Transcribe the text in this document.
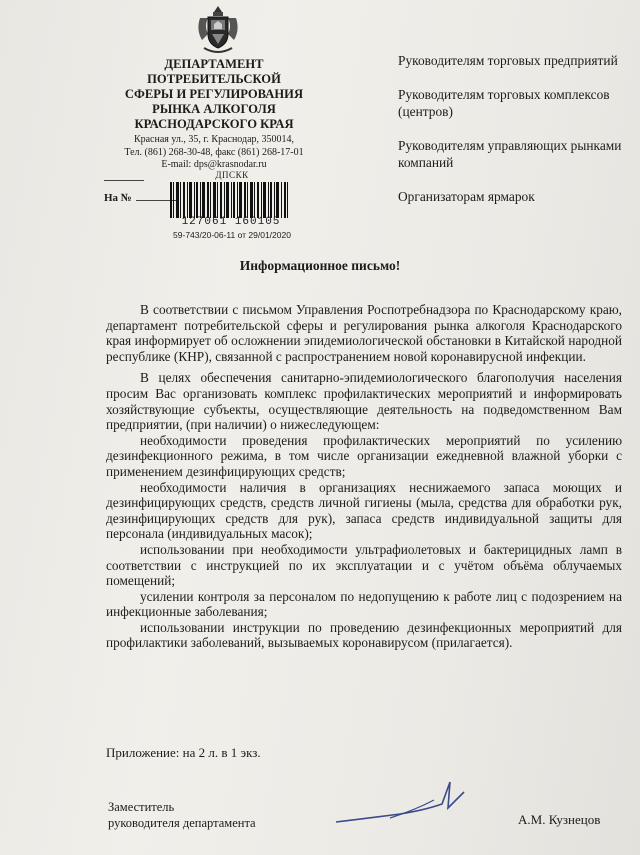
ДЕПАРТАМЕНТ
ПОТРЕБИТЕЛЬСКОЙ
СФЕРЫ И РЕГУЛИРОВАНИЯ
РЫНКА АЛКОГОЛЯ
КРАСНОДАРСКОГО КРАЯ
Красная ул., 35, г. Краснодар, 350014,
Тел. (861) 268-30-48, факс (861) 268-17-01
E-mail: dps@krasnodar.ru
На №
ДПСКК
127061 160105
59-743/20-06-11 от 29/01/2020
Руководителям торговых предприятий
Руководителям торговых комплексов (центров)
Руководителям управляющих рынками компаний
Организаторам ярмарок
Информационное письмо!

В соответствии с письмом Управления Роспотребнадзора по Краснодарскому краю, департамент потребительской сферы и регулирования рынка алкоголя Краснодарского края информирует об осложнении эпидемиологической обстановки в Китайской народной республике (КНР), связанной с распространением новой коронавирусной инфекции.

В целях обеспечения санитарно-эпидемиологического благополучия населения просим Вас организовать комплекс профилактических мероприятий и информировать хозяйствующие субъекты, осуществляющие деятельность на подведомственном Вам предприятии, (при наличии) о нижеследующем:

необходимости проведения профилактических мероприятий по усилению дезинфекционного режима, в том числе организации ежедневной влажной уборки с применением дезинфицирующих средств;

необходимости наличия в организациях неснижаемого запаса моющих и дезинфицирующих средств, средств личной гигиены (мыла, средства для обработки рук, дезинфицирующих средств для рук), запаса средств индивидуальной защиты для персонала (индивидуальных масок);

использовании при необходимости ультрафиолетовых и бактерицидных ламп в соответствии с инструкцией по их эксплуатации и с учётом объёма облучаемых помещений;

усилении контроля за персоналом по недопущению к работе лиц с подозрением на инфекционные заболевания;

использовании инструкции по проведению дезинфекционных мероприятий для профилактики заболеваний, вызываемых коронавирусом (прилагается).

Приложение: на 2 л. в 1 экз.
Заместитель
руководителя департамента	А.М. Кузнецов
